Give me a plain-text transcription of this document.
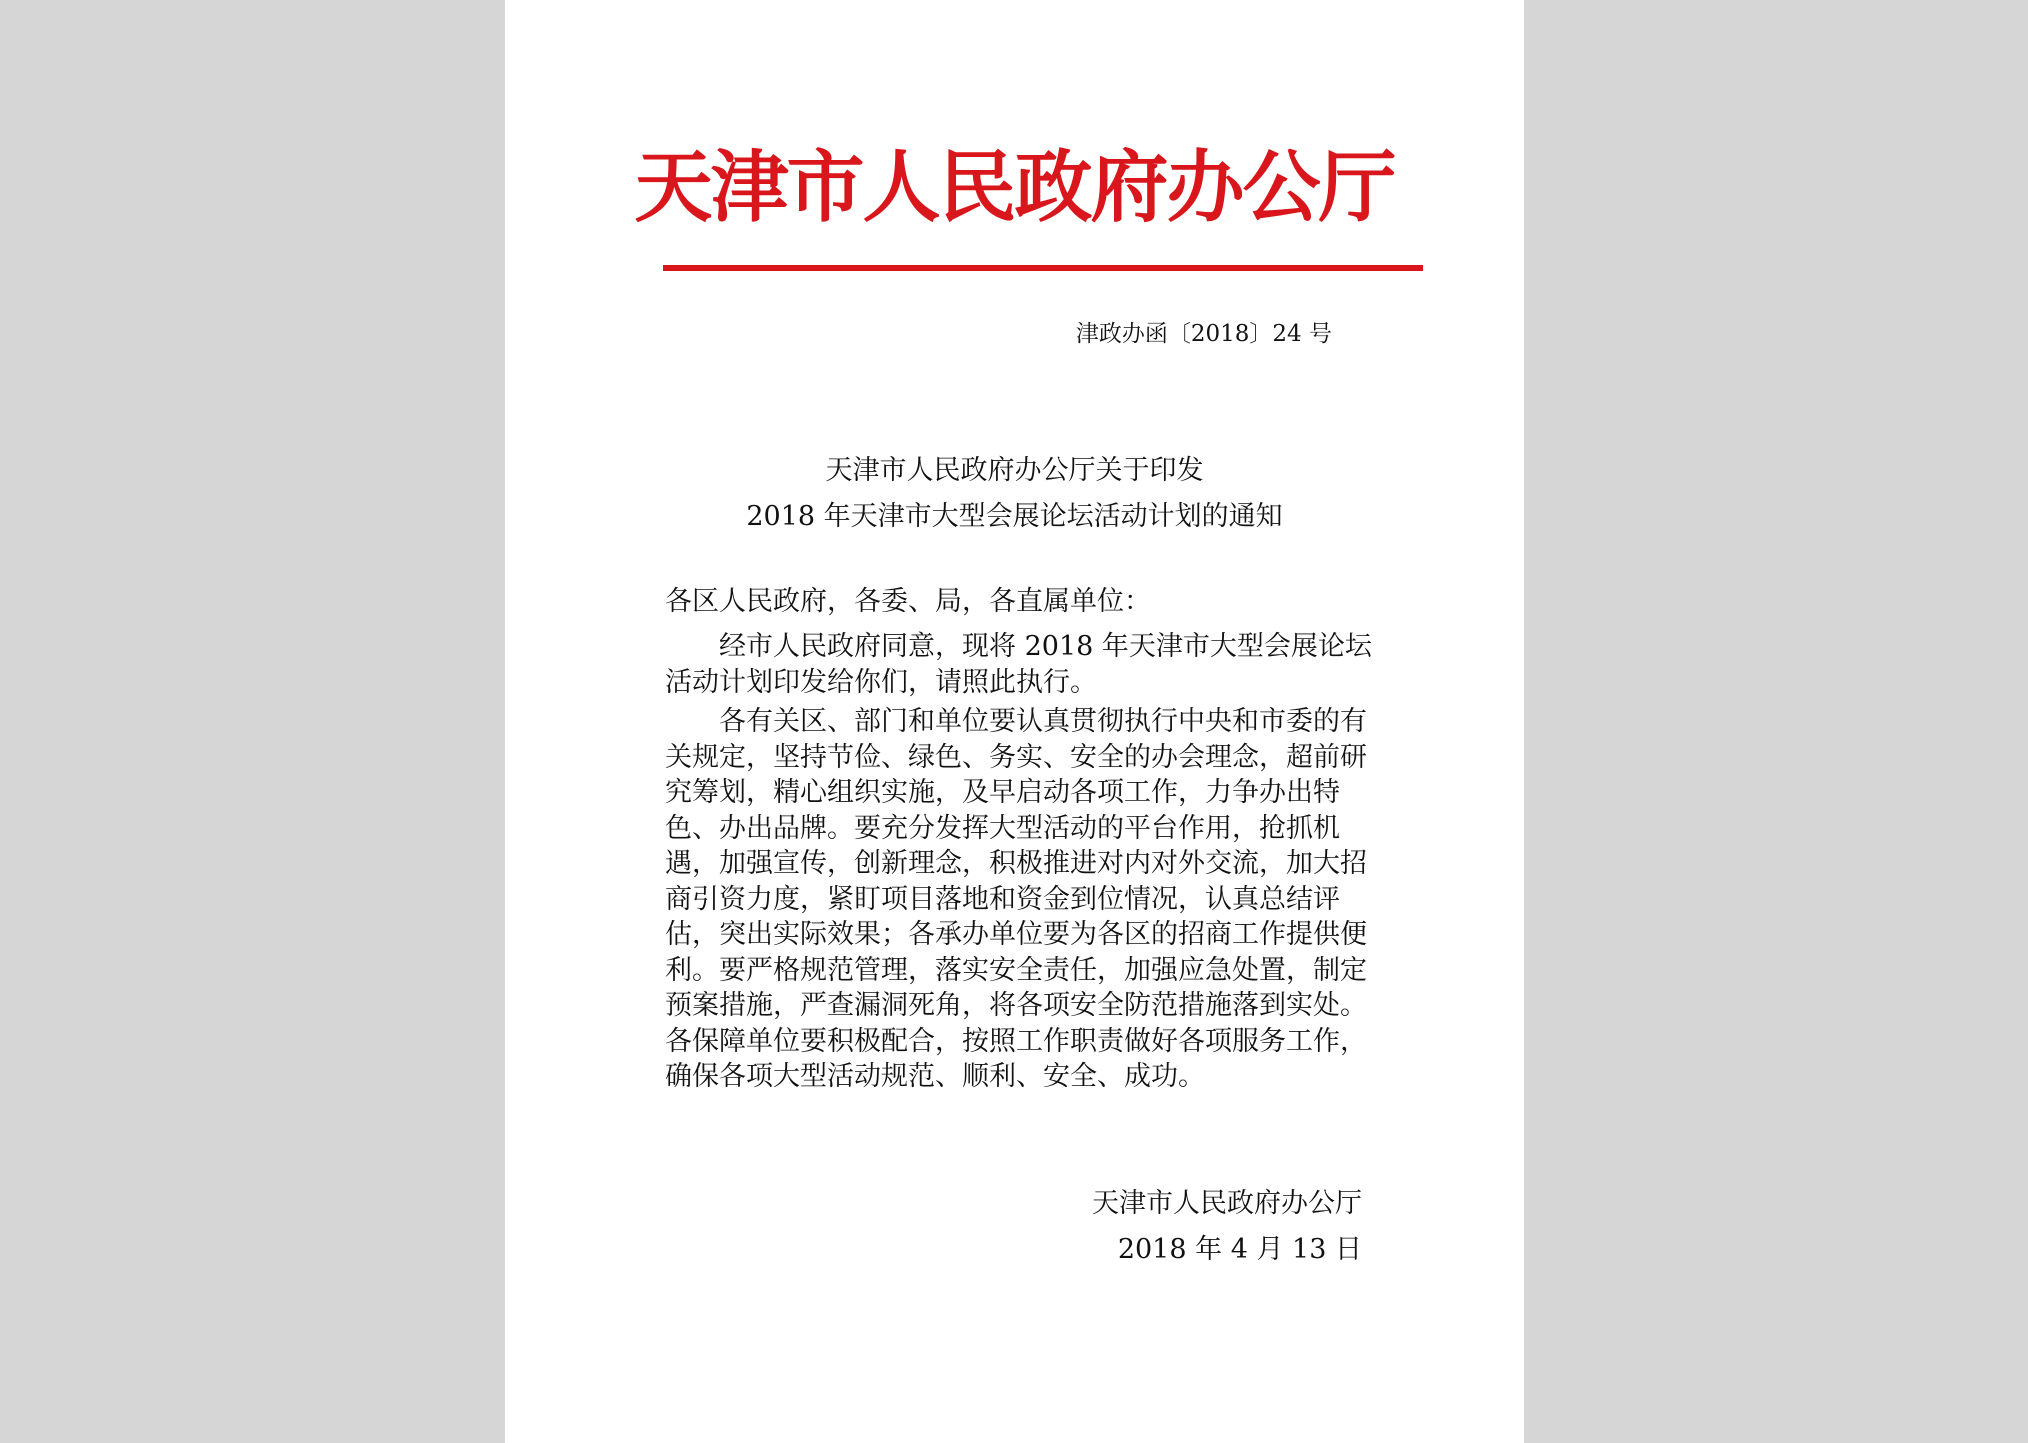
天津市人民政府办公厅
津政办函〔2018〕24 号
天津市人民政府办公厅关于印发
2018 年天津市大型会展论坛活动计划的通知
各区人民政府，各委、局，各直属单位：
经市人民政府同意，现将 2018 年天津市大型会展论坛活动计划印发给你们，请照此执行。
各有关区、部门和单位要认真贯彻执行中央和市委的有关规定，坚持节俭、绿色、务实、安全的办会理念，超前研究筹划，精心组织实施，及早启动各项工作，力争办出特色、办出品牌。要充分发挥大型活动的平台作用，抢抓机遇，加强宣传，创新理念，积极推进对内对外交流，加大招商引资力度，紧盯项目落地和资金到位情况，认真总结评估，突出实际效果；各承办单位要为各区的招商工作提供便利。要严格规范管理，落实安全责任，加强应急处置，制定预案措施，严查漏洞死角，将各项安全防范措施落到实处。各保障单位要积极配合，按照工作职责做好各项服务工作，确保各项大型活动规范、顺利、安全、成功。
天津市人民政府办公厅
2018 年 4 月 13 日
